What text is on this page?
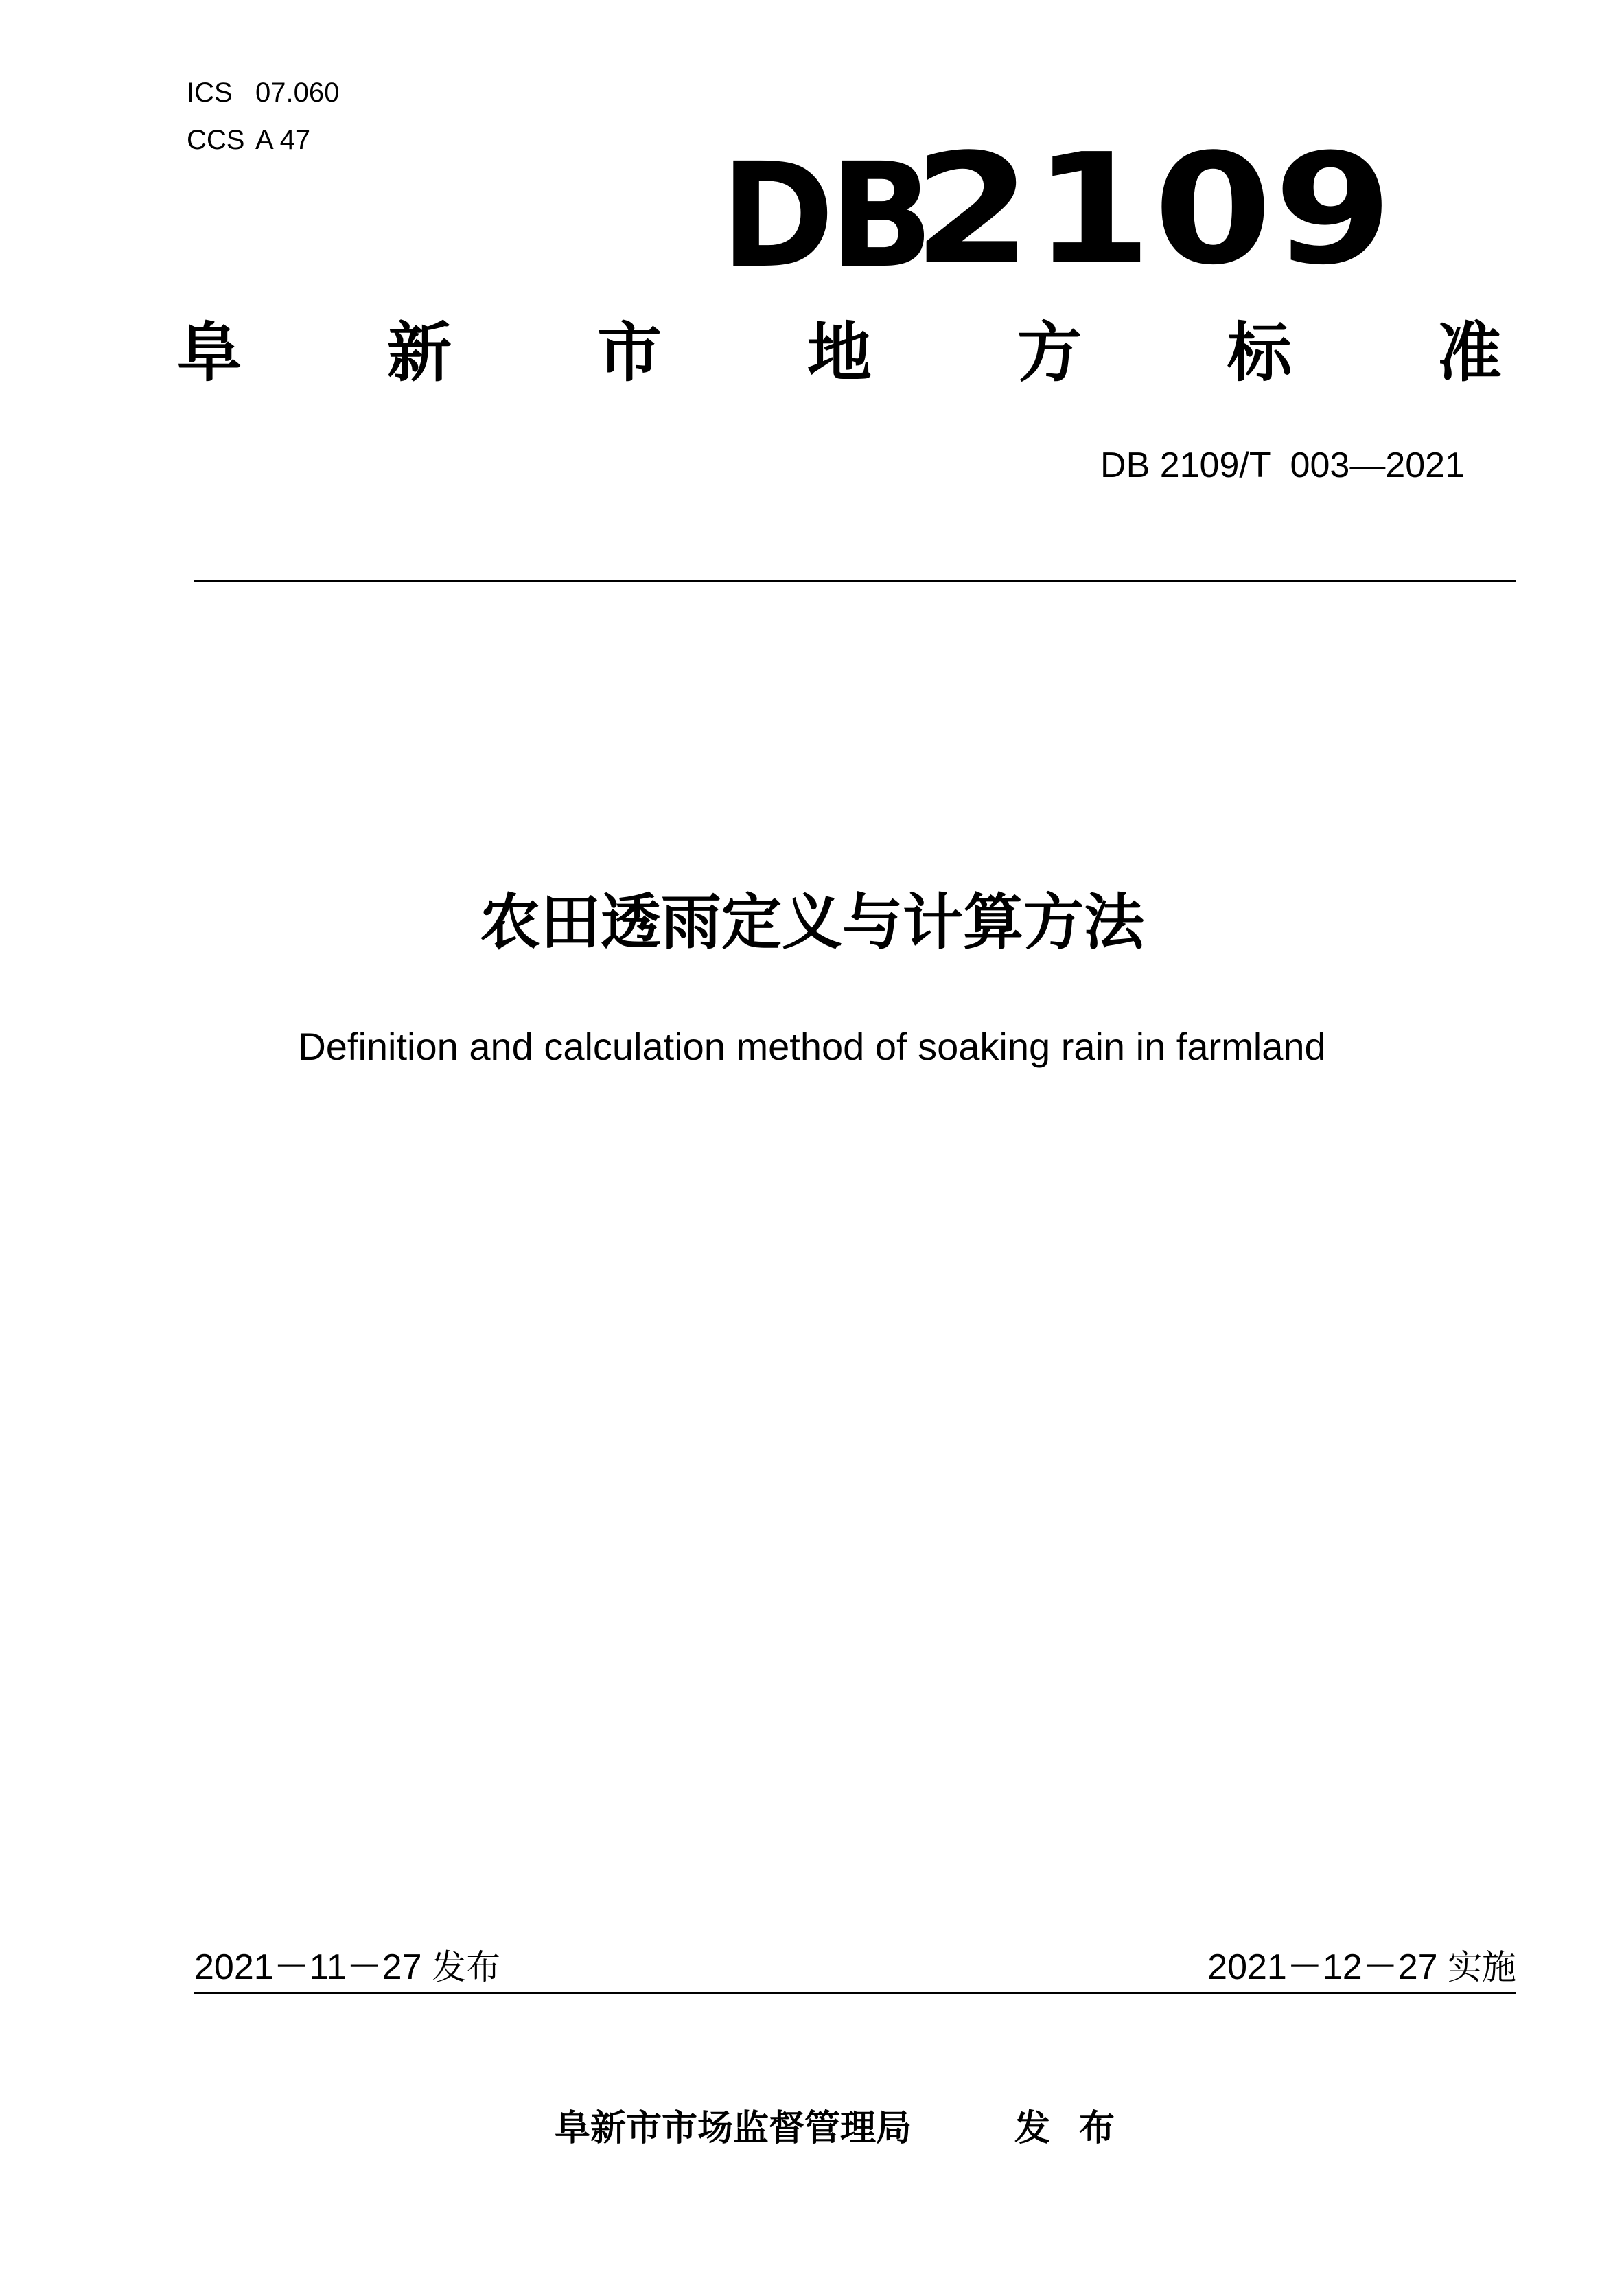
ICS 07.060
CCS A 47	DB
2109
阜 新 市 地 方 标 准
DB 2109/T  003—2021
农田透雨定义与计算方法
Definition and calculation method of soaking rain in farmland
2021－11－27 发布	2021－12－27 实施
阜新市市场监督管理局	发布
